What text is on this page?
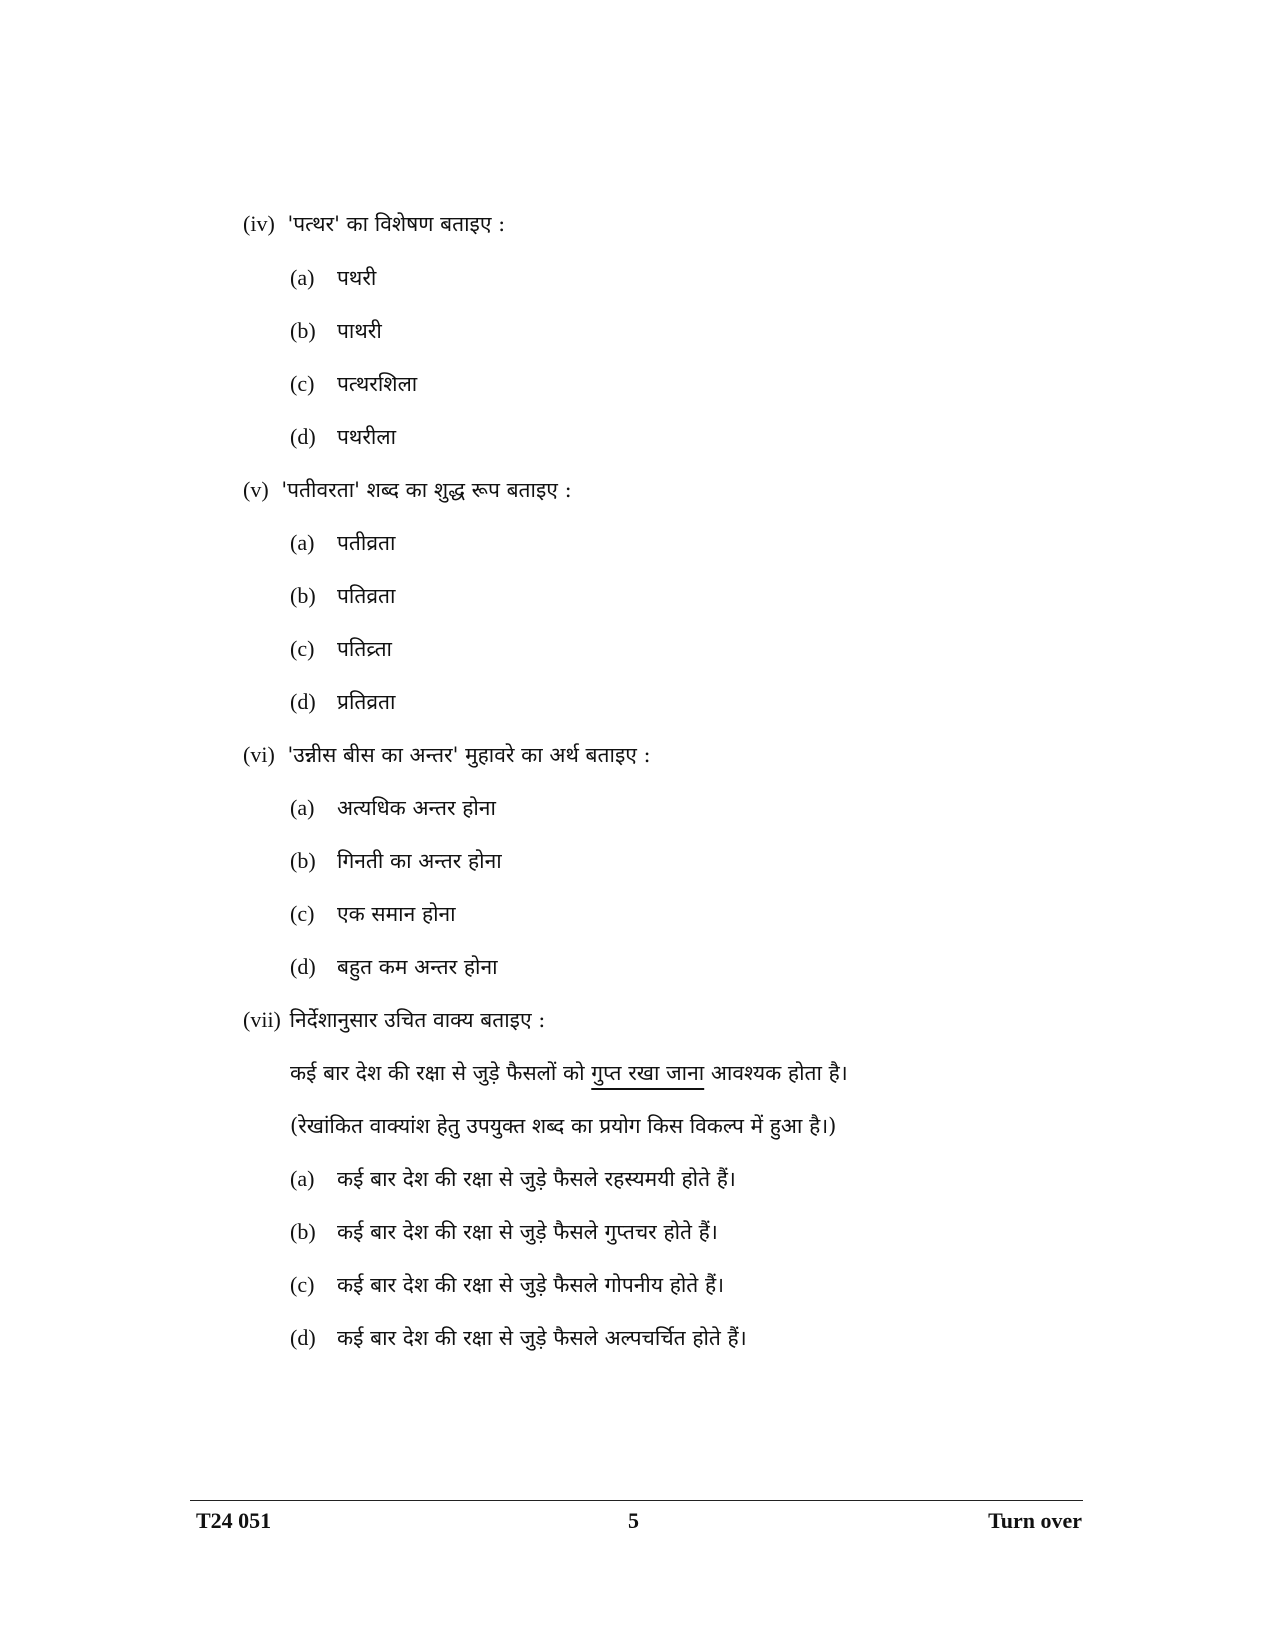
(iv) 'पत्थर' का विशेषण बताइए :
(a) पथरी
(b) पाथरी
(c) पत्थरशिला
(d) पथरीला
(v) 'पतीवरता' शब्द का शुद्ध रूप बताइए :
(a) पतीव्रता
(b) पतिव्रता
(c) पतिव्र्ता
(d) प्रतिव्रता
(vi) 'उन्नीस बीस का अन्तर' मुहावरे का अर्थ बताइए :
(a) अत्यधिक अन्तर होना
(b) गिनती का अन्तर होना
(c) एक समान होना
(d) बहुत कम अन्तर होना
(vii) निर्देशानुसार उचित वाक्य बताइए :
कई बार देश की रक्षा से जुड़े फैसलों को गुप्त रखा जाना आवश्यक होता है।
(रेखांकित वाक्यांश हेतु उपयुक्त शब्द का प्रयोग किस विकल्प में हुआ है।)
(a) कई बार देश की रक्षा से जुड़े फैसले रहस्यमयी होते हैं।
(b) कई बार देश की रक्षा से जुड़े फैसले गुप्तचर होते हैं।
(c) कई बार देश की रक्षा से जुड़े फैसले गोपनीय होते हैं।
(d) कई बार देश की रक्षा से जुड़े फैसले अल्पचर्चित होते हैं।
T24 051	5	Turn over
